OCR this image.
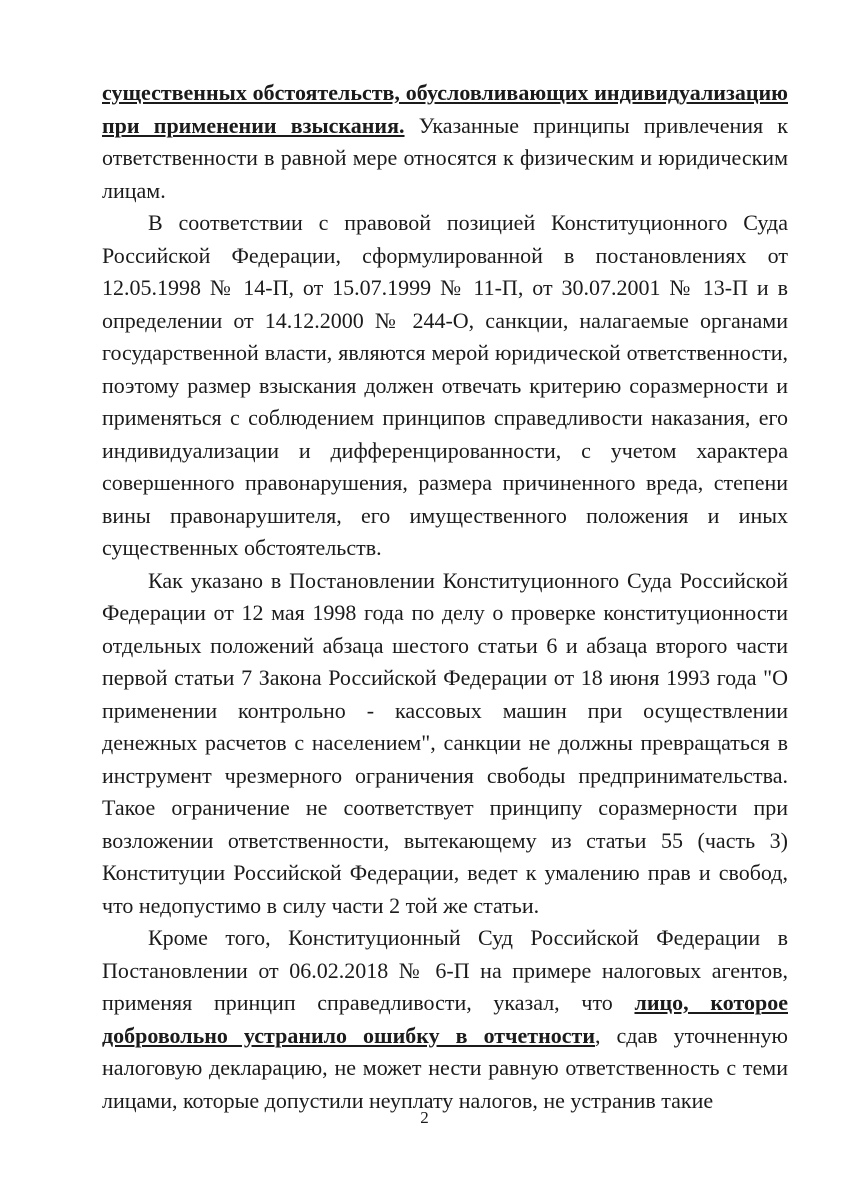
существенных обстоятельств, обусловливающих индивидуализацию при применении взыскания. Указанные принципы привлечения к ответственности в равной мере относятся к физическим и юридическим лицам.

В соответствии с правовой позицией Конституционного Суда Российской Федерации, сформулированной в постановлениях от 12.05.1998 № 14-П, от 15.07.1999 № 11-П, от 30.07.2001 № 13-П и в определении от 14.12.2000 № 244-О, санкции, налагаемые органами государственной власти, являются мерой юридической ответственности, поэтому размер взыскания должен отвечать критерию соразмерности и применяться с соблюдением принципов справедливости наказания, его индивидуализации и дифференцированности, с учетом характера совершенного правонарушения, размера причиненного вреда, степени вины правонарушителя, его имущественного положения и иных существенных обстоятельств.

Как указано в Постановлении Конституционного Суда Российской Федерации от 12 мая 1998 года по делу о проверке конституционности отдельных положений абзаца шестого статьи 6 и абзаца второго части первой статьи 7 Закона Российской Федерации от 18 июня 1993 года "О применении контрольно - кассовых машин при осуществлении денежных расчетов с населением", санкции не должны превращаться в инструмент чрезмерного ограничения свободы предпринимательства. Такое ограничение не соответствует принципу соразмерности при возложении ответственности, вытекающему из статьи 55 (часть 3) Конституции Российской Федерации, ведет к умалению прав и свобод, что недопустимо в силу части 2 той же статьи.

Кроме того, Конституционный Суд Российской Федерации в Постановлении от 06.02.2018 № 6-П на примере налоговых агентов, применяя принцип справедливости, указал, что лицо, которое добровольно устранило ошибку в отчетности, сдав уточненную налоговую декларацию, не может нести равную ответственность с теми лицами, которые допустили неуплату налогов, не устранив такие

2
